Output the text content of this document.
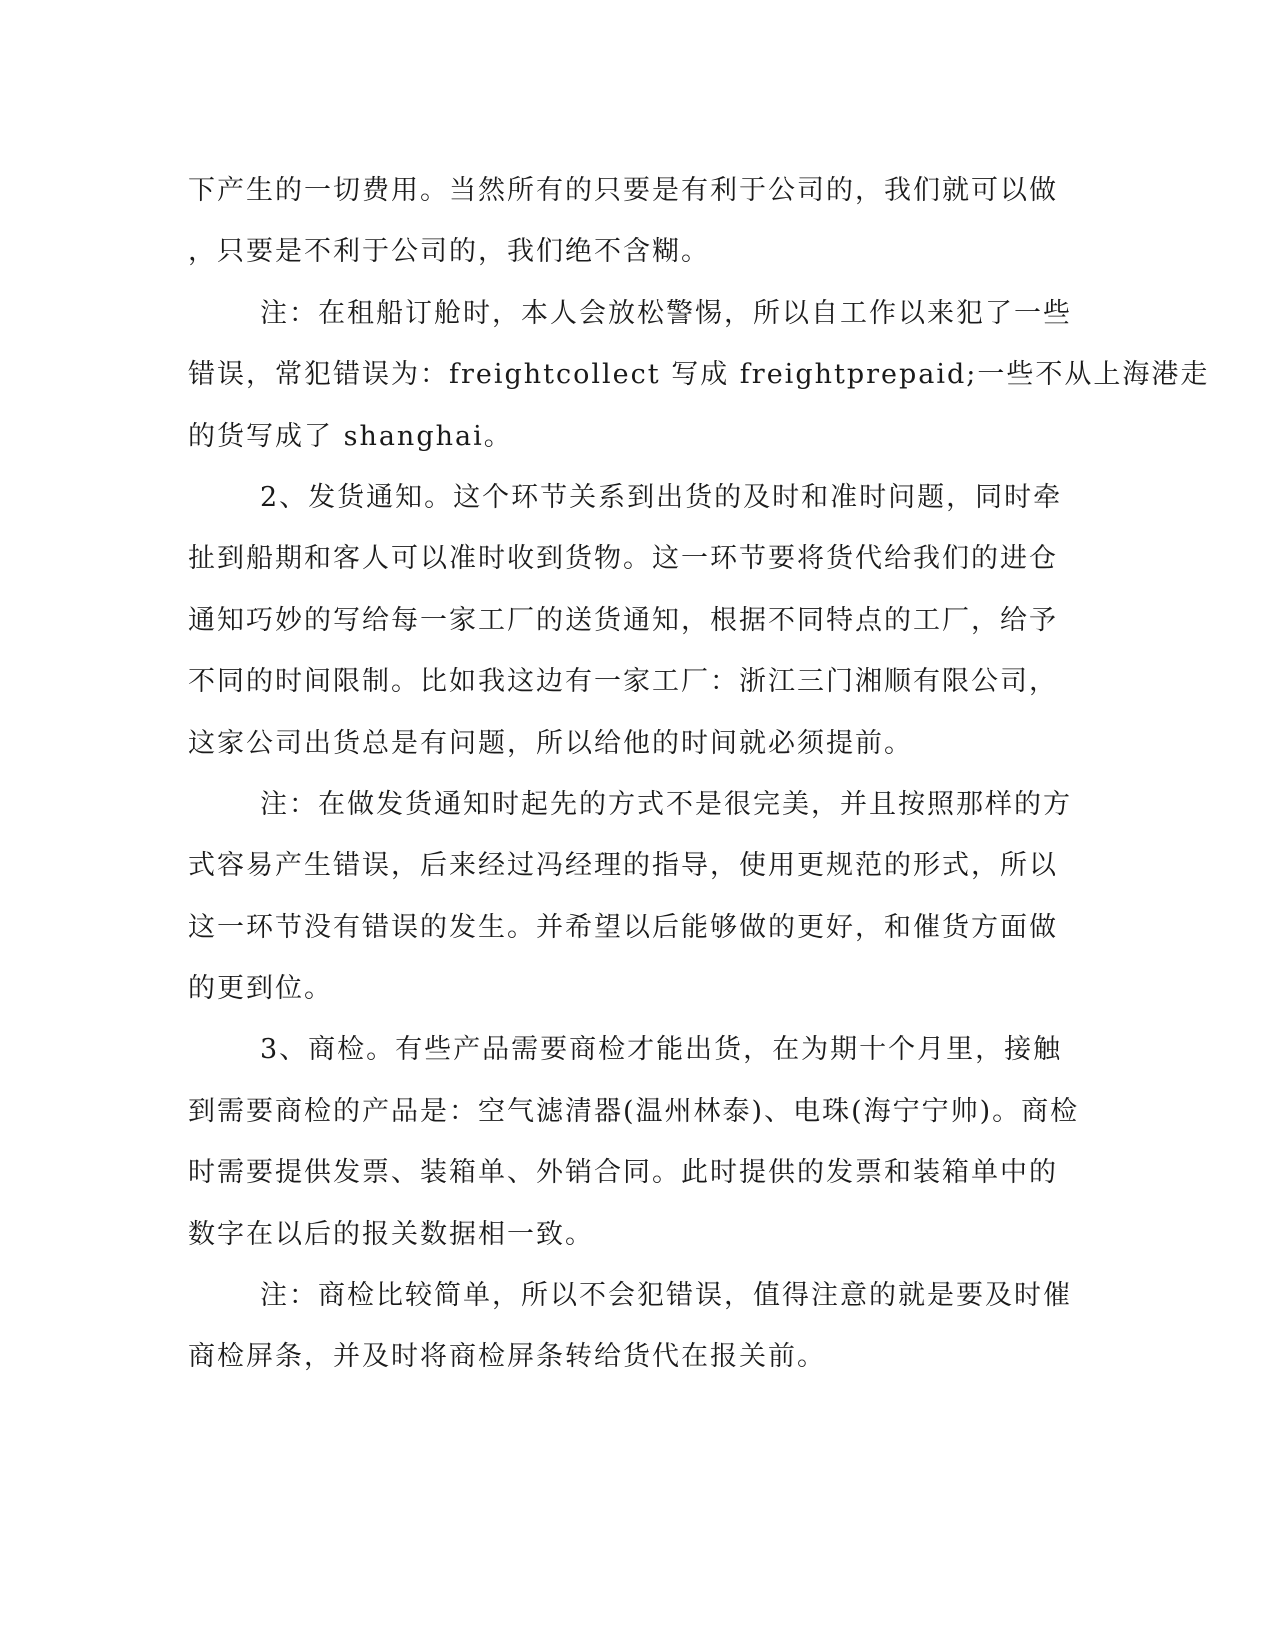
下产生的一切费用。当然所有的只要是有利于公司的，我们就可以做
，只要是不利于公司的，我们绝不含糊。
注：在租船订舱时，本人会放松警惕，所以自工作以来犯了一些
错误，常犯错误为：freightcollect 写成 freightprepaid;一些不从上海港走
的货写成了 shanghai。
2、发货通知。这个环节关系到出货的及时和准时问题，同时牵
扯到船期和客人可以准时收到货物。这一环节要将货代给我们的进仓
通知巧妙的写给每一家工厂的送货通知，根据不同特点的工厂，给予
不同的时间限制。比如我这边有一家工厂：浙江三门湘顺有限公司，
这家公司出货总是有问题，所以给他的时间就必须提前。
注：在做发货通知时起先的方式不是很完美，并且按照那样的方
式容易产生错误，后来经过冯经理的指导，使用更规范的形式，所以
这一环节没有错误的发生。并希望以后能够做的更好，和催货方面做
的更到位。
3、商检。有些产品需要商检才能出货，在为期十个月里，接触
到需要商检的产品是：空气滤清器(温州林泰)、电珠(海宁宁帅)。商检
时需要提供发票、装箱单、外销合同。此时提供的发票和装箱单中的
数字在以后的报关数据相一致。
注：商检比较简单，所以不会犯错误，值得注意的就是要及时催
商检屏条，并及时将商检屏条转给货代在报关前。
